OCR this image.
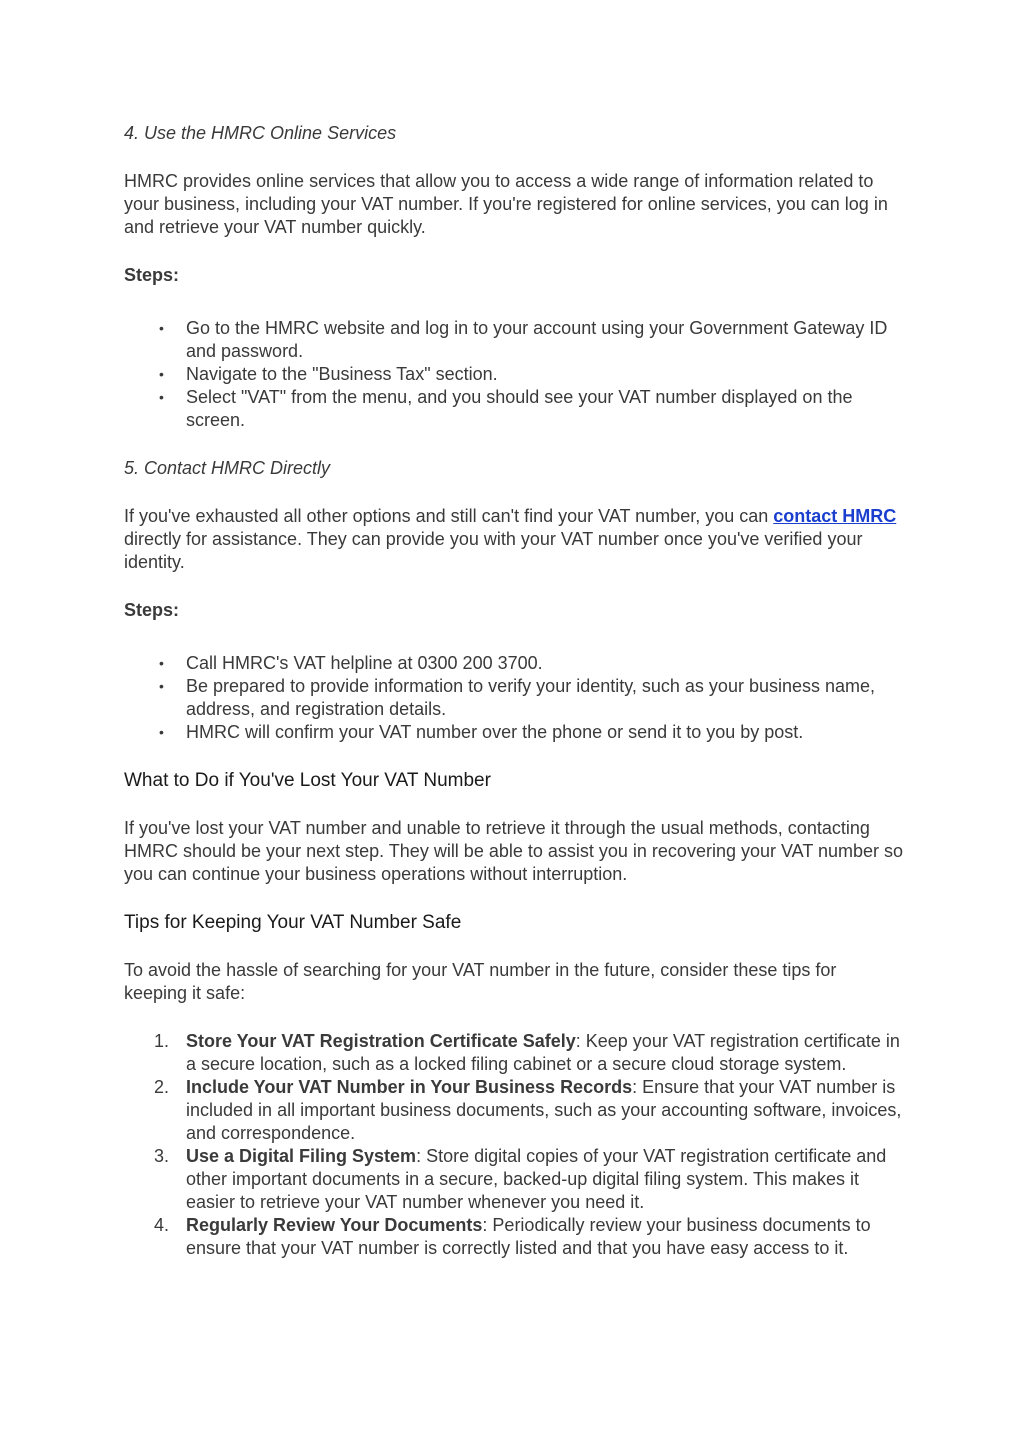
4. Use the HMRC Online Services

HMRC provides online services that allow you to access a wide range of information related to your business, including your VAT number. If you're registered for online services, you can log in and retrieve your VAT number quickly.

Steps:
• Go to the HMRC website and log in to your account using your Government Gateway ID and password.
• Navigate to the "Business Tax" section.
• Select "VAT" from the menu, and you should see your VAT number displayed on the screen.
5. Contact HMRC Directly

If you've exhausted all other options and still can't find your VAT number, you can contact HMRC directly for assistance. They can provide you with your VAT number once you've verified your identity.

Steps:
• Call HMRC's VAT helpline at 0300 200 3700.
• Be prepared to provide information to verify your identity, such as your business name, address, and registration details.
• HMRC will confirm your VAT number over the phone or send it to you by post.
What to Do if You've Lost Your VAT Number

If you've lost your VAT number and unable to retrieve it through the usual methods, contacting HMRC should be your next step. They will be able to assist you in recovering your VAT number so you can continue your business operations without interruption.

Tips for Keeping Your VAT Number Safe

To avoid the hassle of searching for your VAT number in the future, consider these tips for keeping it safe:

1. Store Your VAT Registration Certificate Safely: Keep your VAT registration certificate in a secure location, such as a locked filing cabinet or a secure cloud storage system.
2. Include Your VAT Number in Your Business Records: Ensure that your VAT number is included in all important business documents, such as your accounting software, invoices, and correspondence.
3. Use a Digital Filing System: Store digital copies of your VAT registration certificate and other important documents in a secure, backed-up digital filing system. This makes it easier to retrieve your VAT number whenever you need it.
4. Regularly Review Your Documents: Periodically review your business documents to ensure that your VAT number is correctly listed and that you have easy access to it.
